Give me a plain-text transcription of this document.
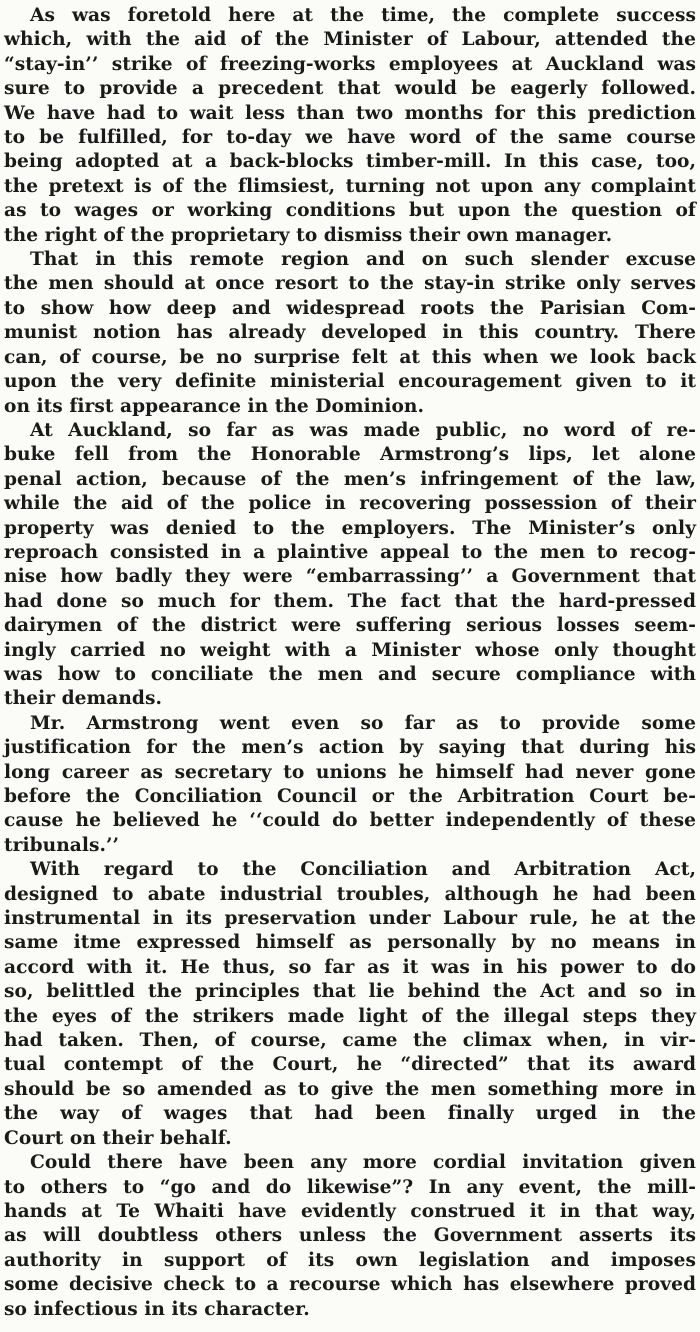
As was foretold here at the time, the complete success
which, with the aid of the Minister of Labour, attended the
“stay-in’’ strike of freezing-works employees at Auckland was
sure to provide a precedent that would be eagerly followed.
We have had to wait less than two months for this prediction
to be fulfilled, for to-day we have word of the same course
being adopted at a back-blocks timber-mill. In this case, too,
the pretext is of the flimsiest, turning not upon any complaint
as to wages or working conditions but upon the question of
the right of the proprietary to dismiss their own manager.
That in this remote region and on such slender excuse
the men should at once resort to the stay-in strike only serves
to show how deep and widespread roots the Parisian Com-
munist notion has already developed in this country. There
can, of course, be no surprise felt at this when we look back
upon the very definite ministerial encouragement given to it
on its first appearance in the Dominion.
At Auckland, so far as was made public, no word of re-
buke fell from the Honorable Armstrong’s lips, let alone
penal action, because of the men’s infringement of the law,
while the aid of the police in recovering possession of their
property was denied to the employers. The Minister’s only
reproach consisted in a plaintive appeal to the men to recog-
nise how badly they were “embarrassing’’ a Government that
had done so much for them. The fact that the hard-pressed
dairymen of the district were suffering serious losses seem-
ingly carried no weight with a Minister whose only thought
was how to conciliate the men and secure compliance with
their demands.
Mr. Armstrong went even so far as to provide some
justification for the men’s action by saying that during his
long career as secretary to unions he himself had never gone
before the Conciliation Council or the Arbitration Court be-
cause he believed he ‘‘could do better independently of these
tribunals.’’
With regard to the Conciliation and Arbitration Act,
designed to abate industrial troubles, although he had been
instrumental in its preservation under Labour rule, he at the
same itme expressed himself as personally by no means in
accord with it. He thus, so far as it was in his power to do
so, belittled the principles that lie behind the Act and so in
the eyes of the strikers made light of the illegal steps they
had taken. Then, of course, came the climax when, in vir-
tual contempt of the Court, he “directed” that its award
should be so amended as to give the men something more in
the way of wages that had been finally urged in the
Court on their behalf.
Could there have been any more cordial invitation given
to others to “go and do likewise”? In any event, the mill-
hands at Te Whaiti have evidently construed it in that way,
as will doubtless others unless the Government asserts its
authority in support of its own legislation and imposes
some decisive check to a recourse which has elsewhere proved
so infectious in its character.
